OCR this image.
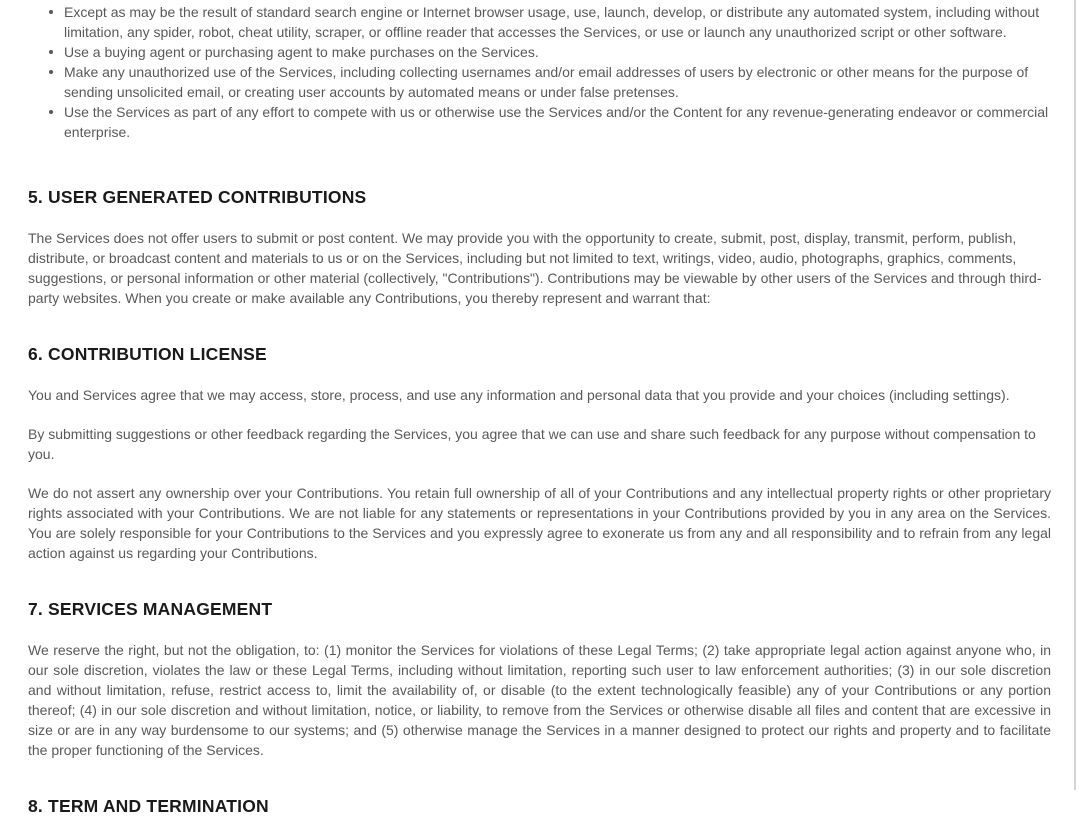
Except as may be the result of standard search engine or Internet browser usage, use, launch, develop, or distribute any automated system, including without limitation, any spider, robot, cheat utility, scraper, or offline reader that accesses the Services, or use or launch any unauthorized script or other software.
Use a buying agent or purchasing agent to make purchases on the Services.
Make any unauthorized use of the Services, including collecting usernames and/or email addresses of users by electronic or other means for the purpose of sending unsolicited email, or creating user accounts by automated means or under false pretenses.
Use the Services as part of any effort to compete with us or otherwise use the Services and/or the Content for any revenue-generating endeavor or commercial enterprise.
5. USER GENERATED CONTRIBUTIONS

The Services does not offer users to submit or post content. We may provide you with the opportunity to create, submit, post, display, transmit, perform, publish, distribute, or broadcast content and materials to us or on the Services, including but not limited to text, writings, video, audio, photographs, graphics, comments, suggestions, or personal information or other material (collectively, "Contributions"). Contributions may be viewable by other users of the Services and through third-party websites. When you create or make available any Contributions, you thereby represent and warrant that:

6. CONTRIBUTION LICENSE

You and Services agree that we may access, store, process, and use any information and personal data that you provide and your choices (including settings).

By submitting suggestions or other feedback regarding the Services, you agree that we can use and share such feedback for any purpose without compensation to you.

We do not assert any ownership over your Contributions. You retain full ownership of all of your Contributions and any intellectual property rights or other proprietary rights associated with your Contributions. We are not liable for any statements or representations in your Contributions provided by you in any area on the Services. You are solely responsible for your Contributions to the Services and you expressly agree to exonerate us from any and all responsibility and to refrain from any legal action against us regarding your Contributions.

7. SERVICES MANAGEMENT

We reserve the right, but not the obligation, to: (1) monitor the Services for violations of these Legal Terms; (2) take appropriate legal action against anyone who, in our sole discretion, violates the law or these Legal Terms, including without limitation, reporting such user to law enforcement authorities; (3) in our sole discretion and without limitation, refuse, restrict access to, limit the availability of, or disable (to the extent technologically feasible) any of your Contributions or any portion thereof; (4) in our sole discretion and without limitation, notice, or liability, to remove from the Services or otherwise disable all files and content that are excessive in size or are in any way burdensome to our systems; and (5) otherwise manage the Services in a manner designed to protect our rights and property and to facilitate the proper functioning of the Services.

8. TERM AND TERMINATION
